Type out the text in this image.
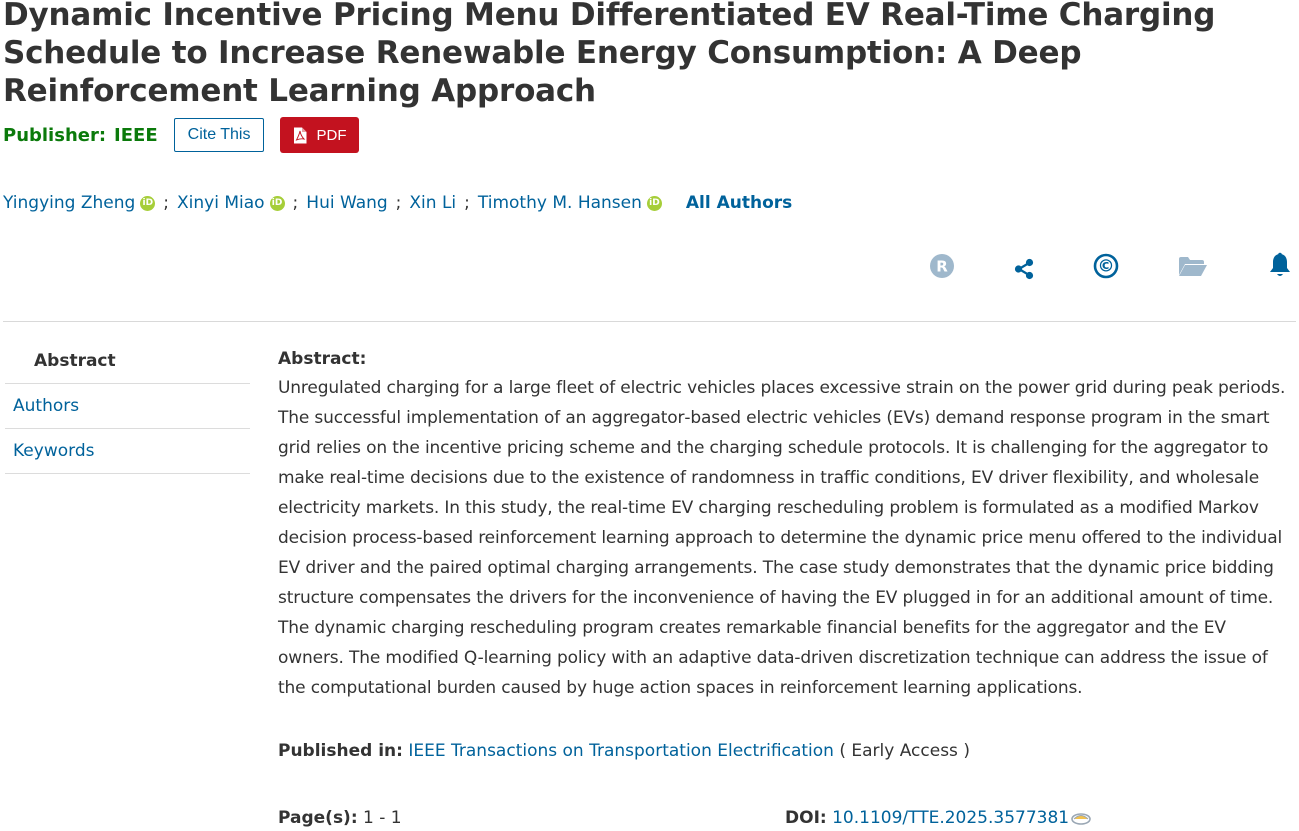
Dynamic Incentive Pricing Menu Differentiated EV Real-Time Charging Schedule to Increase Renewable Energy Consumption: A Deep Reinforcement Learning Approach
Publisher: IEEE	Cite This	PDF
Yingying Zheng iD ; Xinyi Miao iD ; Hui Wang ; Xin Li ; Timothy M. Hansen iD All Authors
R	©
Abstract
Authors
Keywords
Abstract:

Unregulated charging for a large fleet of electric vehicles places excessive strain on the power grid during peak periods. The successful implementation of an aggregator‐based electric vehicles (EVs) demand response program in the smart grid relies on the incentive pricing scheme and the charging schedule protocols. It is challenging for the aggregator to make real-time decisions due to the existence of randomness in traffic conditions, EV driver flexibility, and wholesale electricity markets. In this study, the real-time EV charging rescheduling problem is formulated as a modified Markov decision process-based reinforcement learning approach to determine the dynamic price menu offered to the individual EV driver and the paired optimal charging arrangements. The case study demonstrates that the dynamic price bidding structure compensates the drivers for the inconvenience of having the EV plugged in for an additional amount of time. The dynamic charging rescheduling program creates remarkable financial benefits for the aggregator and the EV owners. The modified Q-learning policy with an adaptive data-driven discretization technique can address the issue of the computational burden caused by huge action spaces in reinforcement learning applications.

Published in: IEEE Transactions on Transportation Electrification ( Early Access )
Page(s): 1 - 1	DOI:
10.1109/TTE.2025.3577381
